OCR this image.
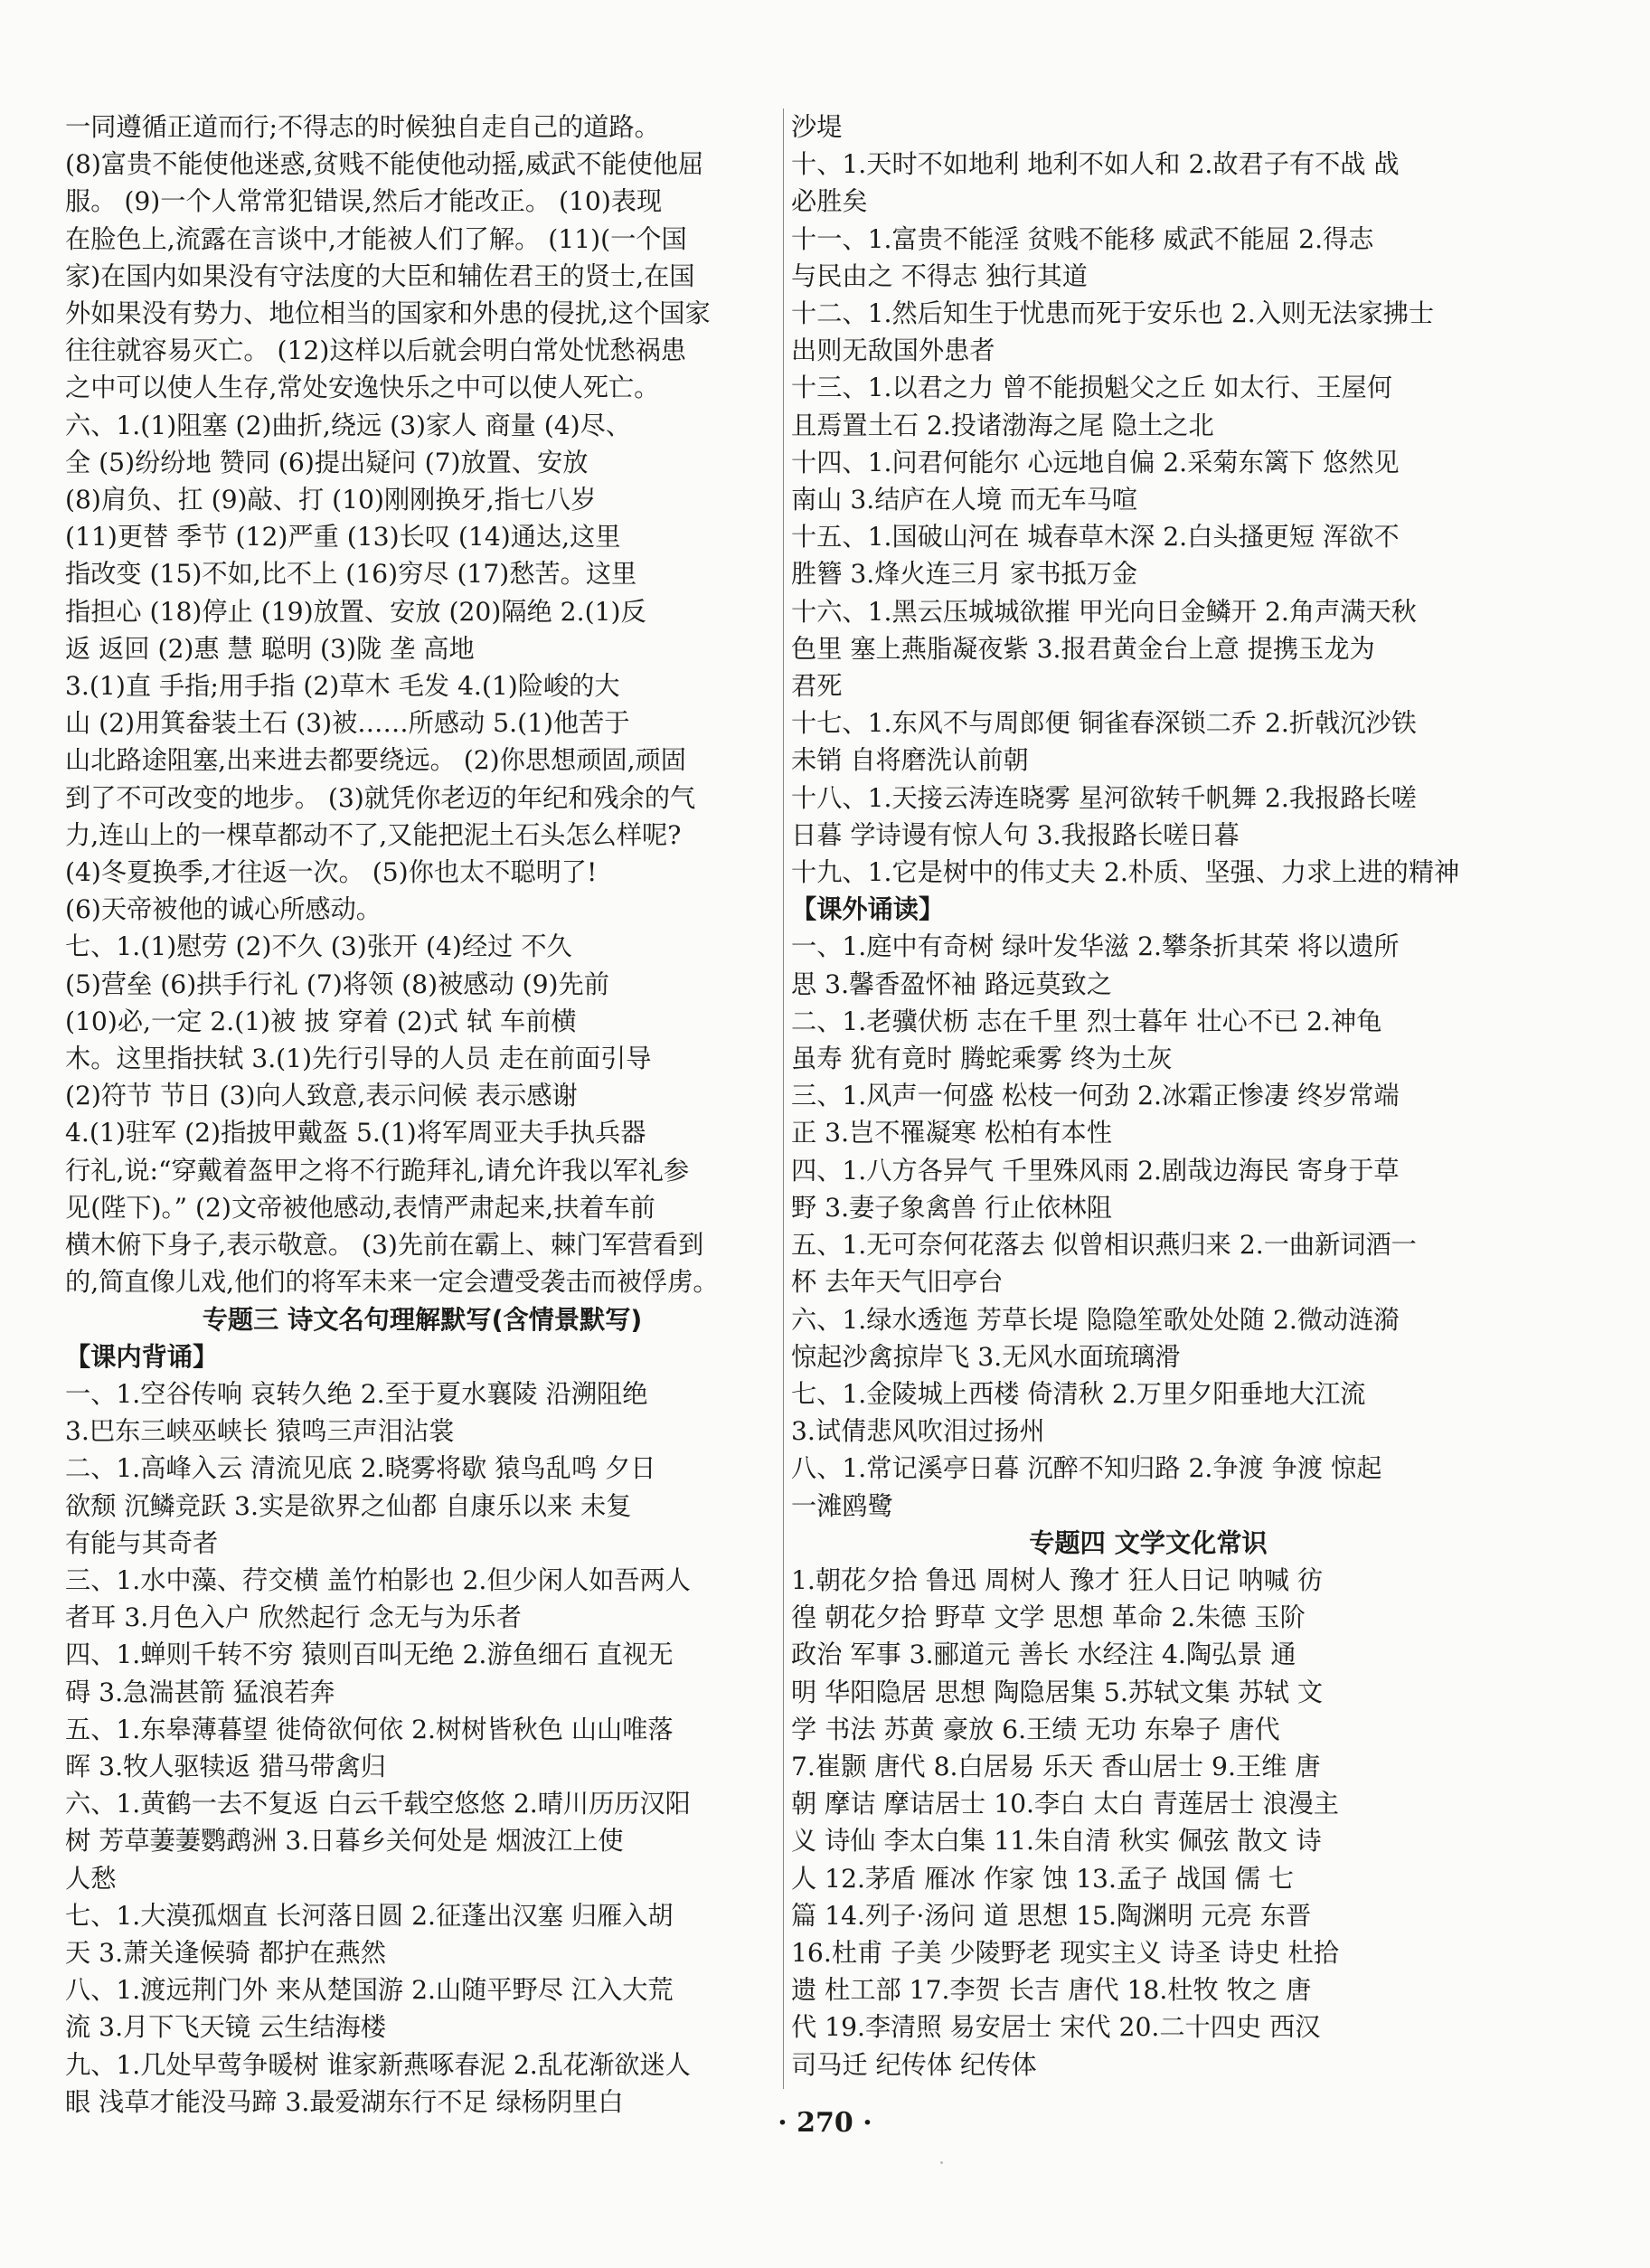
一同遵循正道而行;不得志的时候独自走自己的道路。
(8)富贵不能使他迷惑,贫贱不能使他动摇,威武不能使他屈
服。 (9)一个人常常犯错误,然后才能改正。 (10)表现
在脸色上,流露在言谈中,才能被人们了解。 (11)(一个国
家)在国内如果没有守法度的大臣和辅佐君王的贤士,在国
外如果没有势力、地位相当的国家和外患的侵扰,这个国家
往往就容易灭亡。 (12)这样以后就会明白常处忧愁祸患
之中可以使人生存,常处安逸快乐之中可以使人死亡。
六、1.(1)阻塞 (2)曲折,绕远 (3)家人 商量 (4)尽、
全 (5)纷纷地 赞同 (6)提出疑问 (7)放置、安放
(8)肩负、扛 (9)敲、打 (10)刚刚换牙,指七八岁
(11)更替 季节 (12)严重 (13)长叹 (14)通达,这里
指改变 (15)不如,比不上 (16)穷尽 (17)愁苦。这里
指担心 (18)停止 (19)放置、安放 (20)隔绝 2.(1)反
返 返回 (2)惠 慧 聪明 (3)陇 垄 高地
3.(1)直 手指;用手指 (2)草木 毛发 4.(1)险峻的大
山 (2)用箕畚装土石 (3)被……所感动 5.(1)他苦于
山北路途阻塞,出来进去都要绕远。 (2)你思想顽固,顽固
到了不可改变的地步。 (3)就凭你老迈的年纪和残余的气
力,连山上的一棵草都动不了,又能把泥土石头怎么样呢?
(4)冬夏换季,才往返一次。 (5)你也太不聪明了!
(6)天帝被他的诚心所感动。
七、1.(1)慰劳 (2)不久 (3)张开 (4)经过 不久
(5)营垒 (6)拱手行礼 (7)将领 (8)被感动 (9)先前
(10)必,一定 2.(1)被 披 穿着 (2)式 轼 车前横
木。这里指扶轼 3.(1)先行引导的人员 走在前面引导
(2)符节 节日 (3)向人致意,表示问候 表示感谢
4.(1)驻军 (2)指披甲戴盔 5.(1)将军周亚夫手执兵器
行礼,说:“穿戴着盔甲之将不行跪拜礼,请允许我以军礼参
见(陛下)。” (2)文帝被他感动,表情严肃起来,扶着车前
横木俯下身子,表示敬意。 (3)先前在霸上、棘门军营看到
的,简直像儿戏,他们的将军未来一定会遭受袭击而被俘虏。
专题三 诗文名句理解默写(含情景默写)
【课内背诵】
一、1.空谷传响 哀转久绝 2.至于夏水襄陵 沿溯阻绝
3.巴东三峡巫峡长 猿鸣三声泪沾裳
二、1.高峰入云 清流见底 2.晓雾将歇 猿鸟乱鸣 夕日
欲颓 沉鳞竞跃 3.实是欲界之仙都 自康乐以来 未复
有能与其奇者
三、1.水中藻、荇交横 盖竹柏影也 2.但少闲人如吾两人
者耳 3.月色入户 欣然起行 念无与为乐者
四、1.蝉则千转不穷 猿则百叫无绝 2.游鱼细石 直视无
碍 3.急湍甚箭 猛浪若奔
五、1.东皋薄暮望 徙倚欲何依 2.树树皆秋色 山山唯落
晖 3.牧人驱犊返 猎马带禽归
六、1.黄鹤一去不复返 白云千载空悠悠 2.晴川历历汉阳
树 芳草萋萋鹦鹉洲 3.日暮乡关何处是 烟波江上使
人愁
七、1.大漠孤烟直 长河落日圆 2.征蓬出汉塞 归雁入胡
天 3.萧关逢候骑 都护在燕然
八、1.渡远荆门外 来从楚国游 2.山随平野尽 江入大荒
流 3.月下飞天镜 云生结海楼
九、1.几处早莺争暖树 谁家新燕啄春泥 2.乱花渐欲迷人
眼 浅草才能没马蹄 3.最爱湖东行不足 绿杨阴里白
沙堤
十、1.天时不如地利 地利不如人和 2.故君子有不战 战
必胜矣
十一、1.富贵不能淫 贫贱不能移 威武不能屈 2.得志
与民由之 不得志 独行其道
十二、1.然后知生于忧患而死于安乐也 2.入则无法家拂士
出则无敌国外患者
十三、1.以君之力 曾不能损魁父之丘 如太行、王屋何
且焉置土石 2.投诸渤海之尾 隐土之北
十四、1.问君何能尔 心远地自偏 2.采菊东篱下 悠然见
南山 3.结庐在人境 而无车马喧
十五、1.国破山河在 城春草木深 2.白头搔更短 浑欲不
胜簪 3.烽火连三月 家书抵万金
十六、1.黑云压城城欲摧 甲光向日金鳞开 2.角声满天秋
色里 塞上燕脂凝夜紫 3.报君黄金台上意 提携玉龙为
君死
十七、1.东风不与周郎便 铜雀春深锁二乔 2.折戟沉沙铁
未销 自将磨洗认前朝
十八、1.天接云涛连晓雾 星河欲转千帆舞 2.我报路长嗟
日暮 学诗谩有惊人句 3.我报路长嗟日暮
十九、1.它是树中的伟丈夫 2.朴质、坚强、力求上进的精神
【课外诵读】
一、1.庭中有奇树 绿叶发华滋 2.攀条折其荣 将以遗所
思 3.馨香盈怀袖 路远莫致之
二、1.老骥伏枥 志在千里 烈士暮年 壮心不已 2.神龟
虽寿 犹有竟时 腾蛇乘雾 终为土灰
三、1.风声一何盛 松枝一何劲 2.冰霜正惨凄 终岁常端
正 3.岂不罹凝寒 松柏有本性
四、1.八方各异气 千里殊风雨 2.剧哉边海民 寄身于草
野 3.妻子象禽兽 行止依林阻
五、1.无可奈何花落去 似曾相识燕归来 2.一曲新词酒一
杯 去年天气旧亭台
六、1.绿水透迤 芳草长堤 隐隐笙歌处处随 2.微动涟漪
惊起沙禽掠岸飞 3.无风水面琉璃滑
七、1.金陵城上西楼 倚清秋 2.万里夕阳垂地大江流
3.试倩悲风吹泪过扬州
八、1.常记溪亭日暮 沉醉不知归路 2.争渡 争渡 惊起
一滩鸥鹭
专题四 文学文化常识
1.朝花夕拾 鲁迅 周树人 豫才 狂人日记 呐喊 彷
徨 朝花夕拾 野草 文学 思想 革命 2.朱德 玉阶
政治 军事 3.郦道元 善长 水经注 4.陶弘景 通
明 华阳隐居 思想 陶隐居集 5.苏轼文集 苏轼 文
学 书法 苏黄 豪放 6.王绩 无功 东皋子 唐代
7.崔颢 唐代 8.白居易 乐天 香山居士 9.王维 唐
朝 摩诘 摩诘居士 10.李白 太白 青莲居士 浪漫主
义 诗仙 李太白集 11.朱自清 秋实 佩弦 散文 诗
人 12.茅盾 雁冰 作家 蚀 13.孟子 战国 儒 七
篇 14.列子·汤问 道 思想 15.陶渊明 元亮 东晋
16.杜甫 子美 少陵野老 现实主义 诗圣 诗史 杜拾
遗 杜工部 17.李贺 长吉 唐代 18.杜牧 牧之 唐
代 19.李清照 易安居士 宋代 20.二十四史 西汉
司马迁 纪传体 纪传体
· 270 ·
